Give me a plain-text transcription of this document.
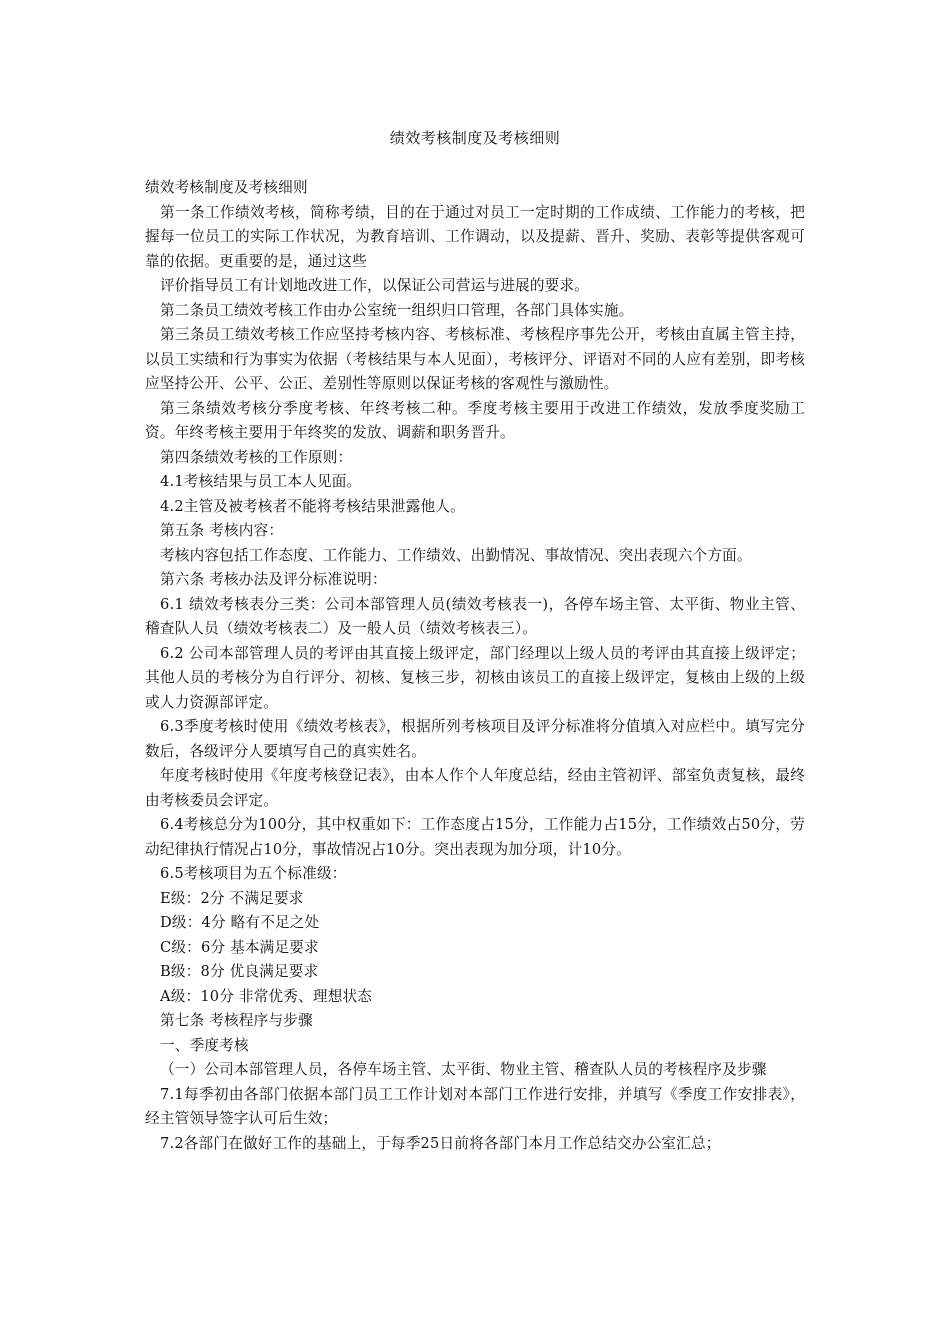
绩效考核制度及考核细则

绩效考核制度及考核细则

第一条工作绩效考核，简称考绩，目的在于通过对员工一定时期的工作成绩、工作能力的考核，把握每一位员工的实际工作状况，为教育培训、工作调动，以及提薪、晋升、奖励、表彰等提供客观可靠的依据。更重要的是，通过这些

评价指导员工有计划地改进工作，以保证公司营运与进展的要求。

第二条员工绩效考核工作由办公室统一组织归口管理，各部门具体实施。

第三条员工绩效考核工作应坚持考核内容、考核标准、考核程序事先公开，考核由直属主管主持，以员工实绩和行为事实为依据（考核结果与本人见面），考核评分、评语对不同的人应有差别，即考核应坚持公开、公平、公正、差别性等原则以保证考核的客观性与激励性。

第三条绩效考核分季度考核、年终考核二种。季度考核主要用于改进工作绩效，发放季度奖励工资。年终考核主要用于年终奖的发放、调薪和职务晋升。

第四条绩效考核的工作原则：

4.1考核结果与员工本人见面。

4.2主管及被考核者不能将考核结果泄露他人。

第五条 考核内容：

考核内容包括工作态度、工作能力、工作绩效、出勤情况、事故情况、突出表现六个方面。

第六条 考核办法及评分标准说明：

6.1 绩效考核表分三类：公司本部管理人员(绩效考核表一)，各停车场主管、太平街、物业主管、稽查队人员（绩效考核表二）及一般人员（绩效考核表三）。

6.2 公司本部管理人员的考评由其直接上级评定，部门经理以上级人员的考评由其直接上级评定；其他人员的考核分为自行评分、初核、复核三步，初核由该员工的直接上级评定，复核由上级的上级或人力资源部评定。

6.3季度考核时使用《绩效考核表》，根据所列考核项目及评分标准将分值填入对应栏中。填写完分数后，各级评分人要填写自己的真实姓名。

年度考核时使用《年度考核登记表》，由本人作个人年度总结，经由主管初评、部室负责复核，最终由考核委员会评定。

6.4考核总分为100分，其中权重如下：工作态度占15分，工作能力占15分，工作绩效占50分，劳动纪律执行情况占10分，事故情况占10分。突出表现为加分项，计10分。

6.5考核项目为五个标准级：

E级：2分 不满足要求

D级：4分 略有不足之处

C级：6分 基本满足要求

B级：8分 优良满足要求

A级：10分 非常优秀、理想状态

第七条 考核程序与步骤

一、季度考核

（一）公司本部管理人员，各停车场主管、太平街、物业主管、稽查队人员的考核程序及步骤

7.1每季初由各部门依据本部门员工工作计划对本部门工作进行安排，并填写《季度工作安排表》，经主管领导签字认可后生效；

7.2各部门在做好工作的基础上，于每季25日前将各部门本月工作总结交办公室汇总；
